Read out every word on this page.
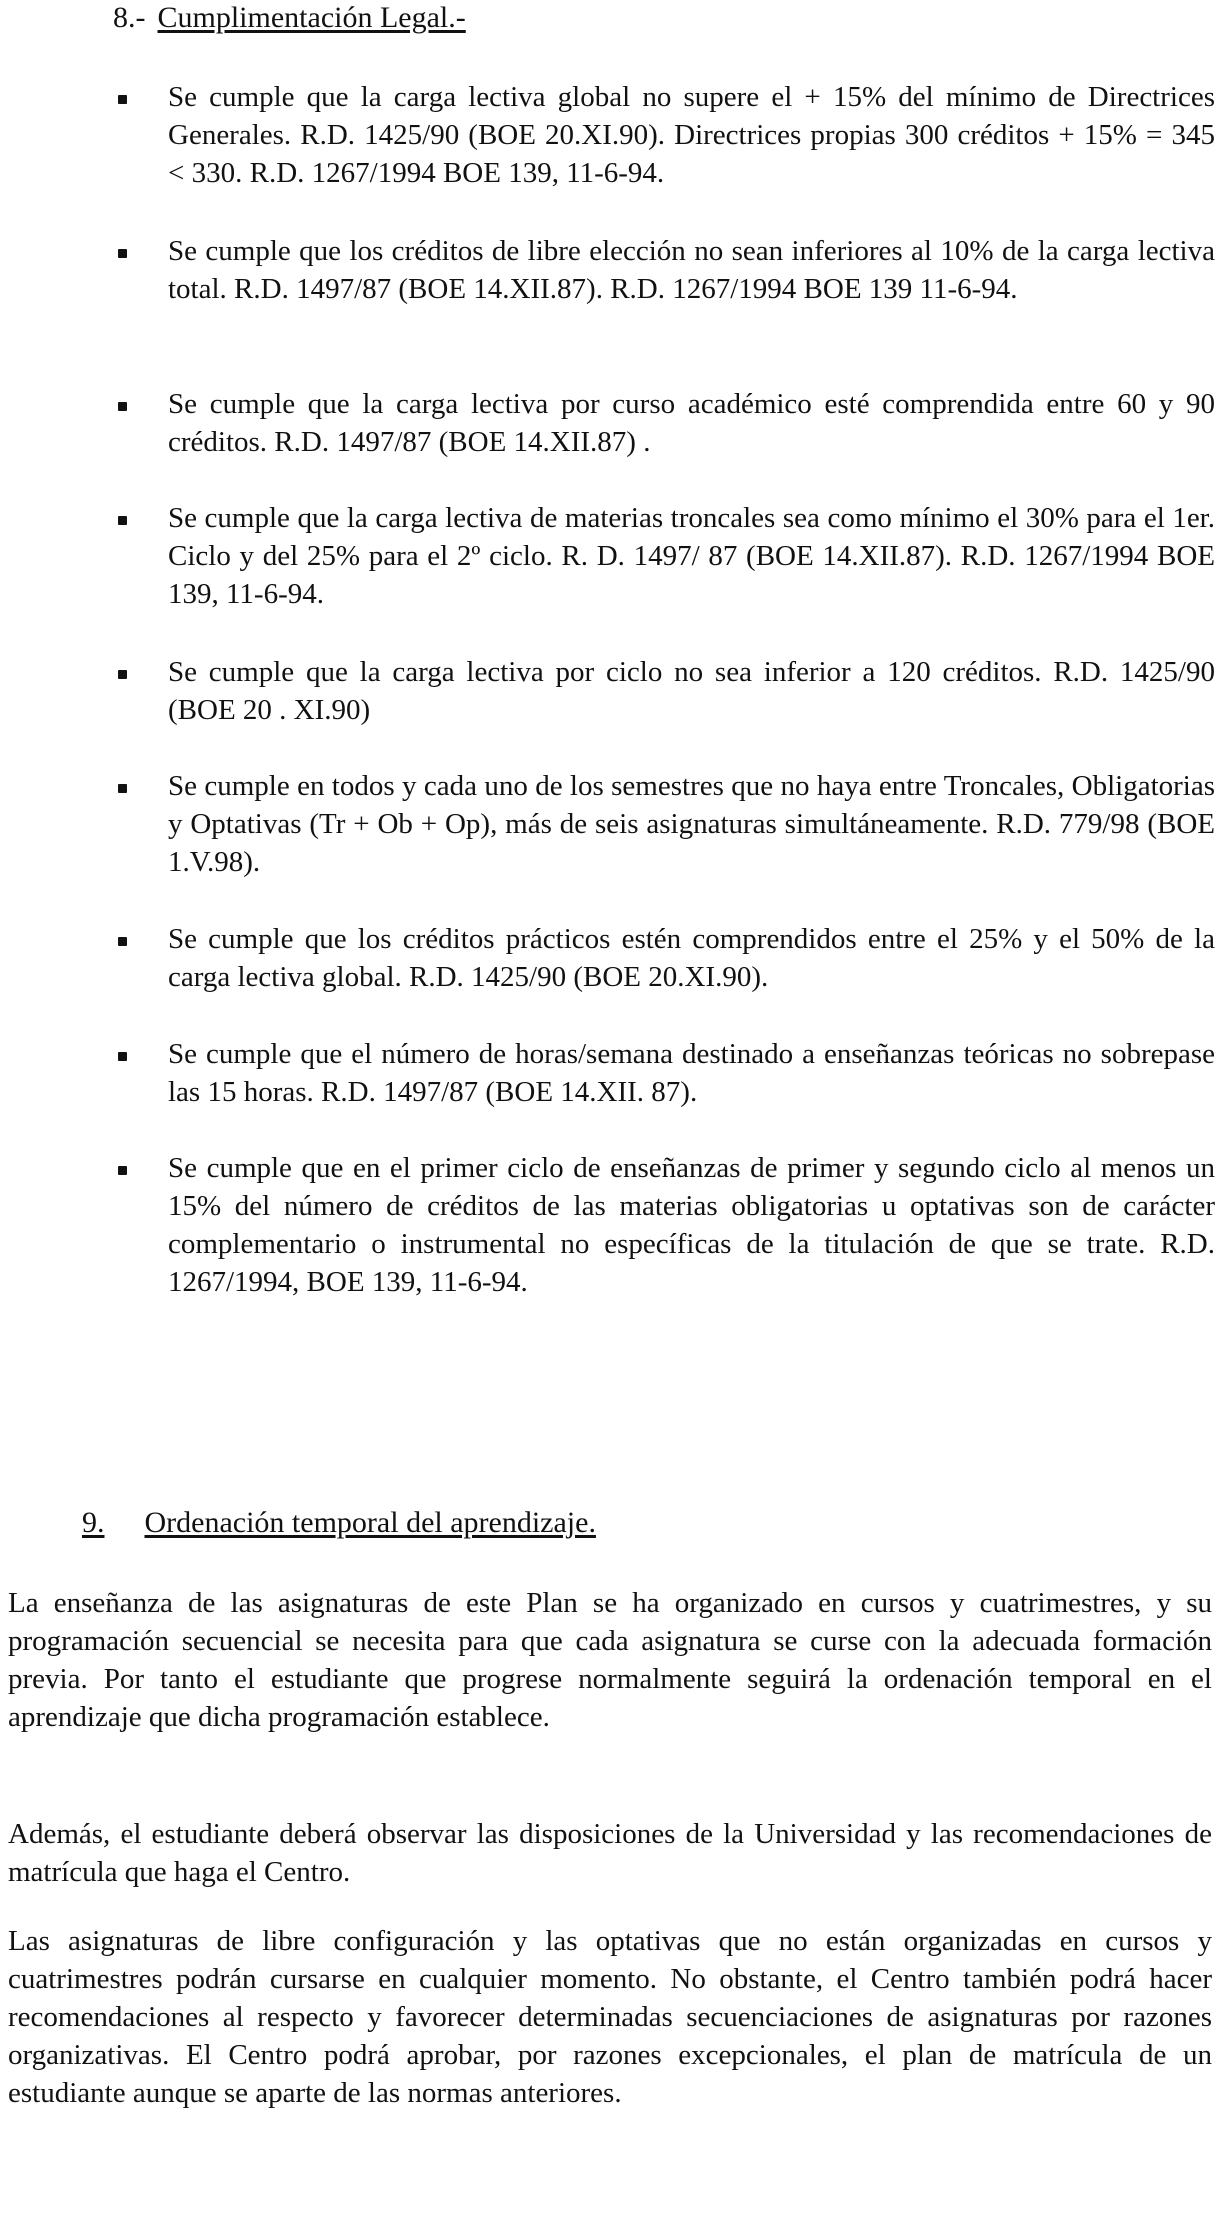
8.- Cumplimentación Legal.-
Se cumple que la carga lectiva global no supere el + 15% del mínimo de Directrices Generales. R.D. 1425/90 (BOE 20.XI.90). Directrices propias 300 créditos + 15% = 345 < 330. R.D. 1267/1994 BOE 139, 11-6-94.
Se cumple que los créditos de libre elección no sean inferiores al 10% de la carga lectiva total. R.D. 1497/87 (BOE 14.XII.87). R.D. 1267/1994 BOE 139 11-6-94.
Se cumple que la carga lectiva por curso académico esté comprendida entre 60 y 90 créditos. R.D. 1497/87 (BOE 14.XII.87) .
Se cumple que la carga lectiva de materias troncales sea como mínimo el 30% para el 1er. Ciclo y del 25% para el 2º ciclo. R. D. 1497/ 87 (BOE 14.XII.87). R.D. 1267/1994 BOE 139, 11-6-94.
Se cumple que la carga lectiva por ciclo no sea inferior a 120 créditos. R.D. 1425/90 (BOE 20 . XI.90)
Se cumple en todos y cada uno de los semestres que no haya entre Troncales, Obligatorias y Optativas (Tr + Ob + Op), más de seis asignaturas simultáneamente. R.D. 779/98 (BOE 1.V.98).
Se cumple que los créditos prácticos estén comprendidos entre el 25% y el 50% de la carga lectiva global. R.D. 1425/90 (BOE 20.XI.90).
Se cumple que el número de horas/semana destinado a enseñanzas teóricas no sobrepase las 15 horas. R.D. 1497/87 (BOE 14.XII. 87).
Se cumple que en el primer ciclo de enseñanzas de primer y segundo ciclo al menos un 15% del número de créditos de las materias obligatorias u optativas son de carácter complementario o instrumental no específicas de la titulación de que se trate. R.D. 1267/1994, BOE 139, 11-6-94.
9. Ordenación temporal del aprendizaje.

La enseñanza de las asignaturas de este Plan se ha organizado en cursos y cuatrimestres, y su programación secuencial se necesita para que cada asignatura se curse con la adecuada formación previa. Por tanto el estudiante que progrese normalmente seguirá la ordenación temporal en el aprendizaje que dicha programación establece.

Además, el estudiante deberá observar las disposiciones de la Universidad y las recomendaciones de matrícula que haga el Centro.

Las asignaturas de libre configuración y las optativas que no están organizadas en cursos y cuatrimestres podrán cursarse en cualquier momento. No obstante, el Centro también podrá hacer recomendaciones al respecto y favorecer determinadas secuenciaciones de asignaturas por razones organizativas. El Centro podrá aprobar, por razones excepcionales, el plan de matrícula de un estudiante aunque se aparte de las normas anteriores.
